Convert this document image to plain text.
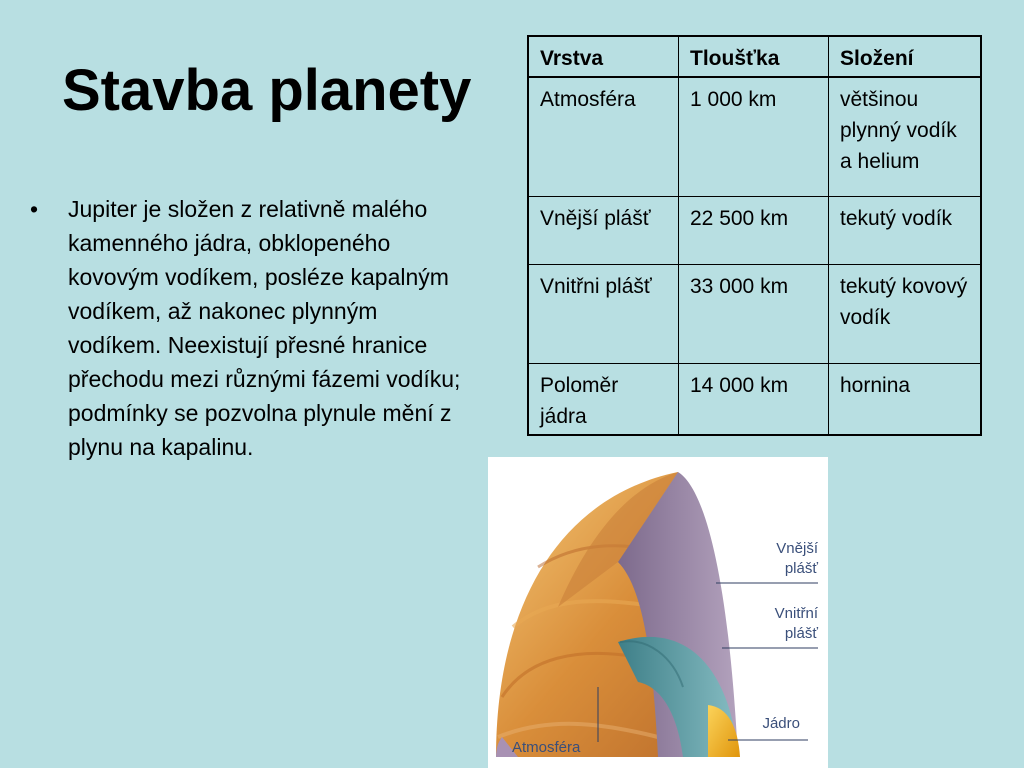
Stavba planety
• Jupiter je složen z relativně malého kamenného jádra, obklopeného kovovým vodíkem, posléze kapalným vodíkem, až nakonec plynným vodíkem. Neexistují přesné hranice přechodu mezi různými fázemi vodíku; podmínky se pozvolna plynule mění z plynu na kapalinu.
Vrstva	Tloušťka	Složení
Atmosféra	1 000 km	většinou plynný vodík a helium
Vnější plášť	22 500 km	tekutý vodík
Vnitřni plášť	33 000 km	tekutý kovový vodík
Poloměr jádra	14 000 km	hornina
Vnější
plášť
Vnitřní
plášť
Jádro
Atmosféra
